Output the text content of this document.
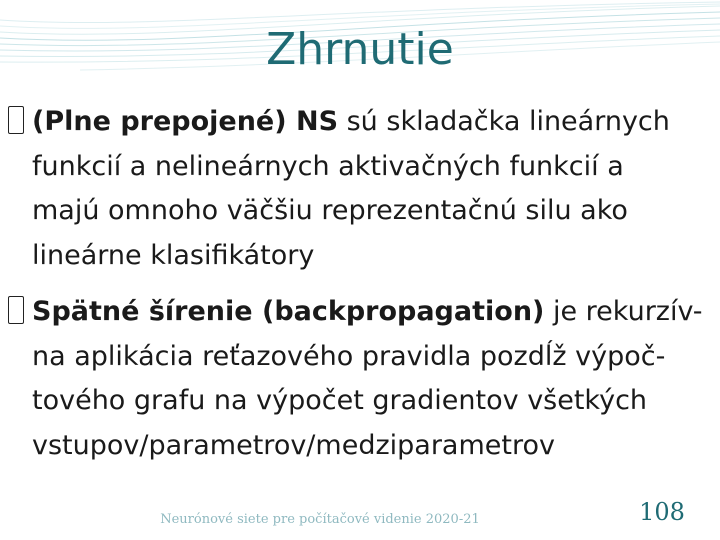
Zhrnutie
(Plne prepojené) NS sú skladačka lineárnych
funkcií a nelineárnych aktivačných funkcií a
majú omnoho väčšiu reprezentačnú silu ako
lineárne klasifikátory
Spätné šírenie (backpropagation) je rekurzív-
na aplikácia reťazového pravidla pozdĺž výpoč-
tového grafu na výpočet gradientov všetkých
vstupov/parametrov/medziparametrov
Neurónové siete pre počítačové videnie 2020-21	108
